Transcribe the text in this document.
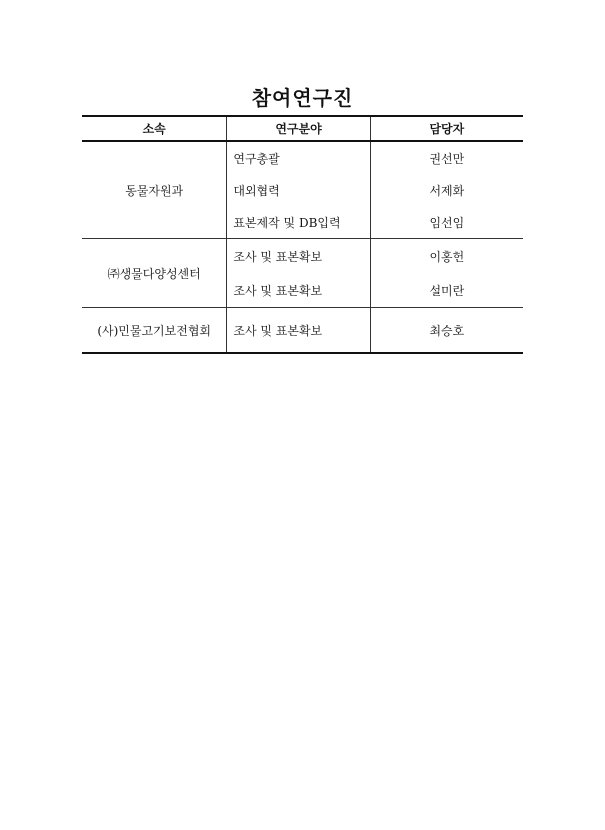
참여연구진
소속	연구분야	담당자
동물자원과	연구총괄	권선만
	대외협력	서제화
	표본제작 및 DB입력	임선임
㈜생물다양성센터	조사 및 표본확보	이홍헌
	조사 및 표본확보	설미란
(사)민물고기보전협회	조사 및 표본확보	최승호
